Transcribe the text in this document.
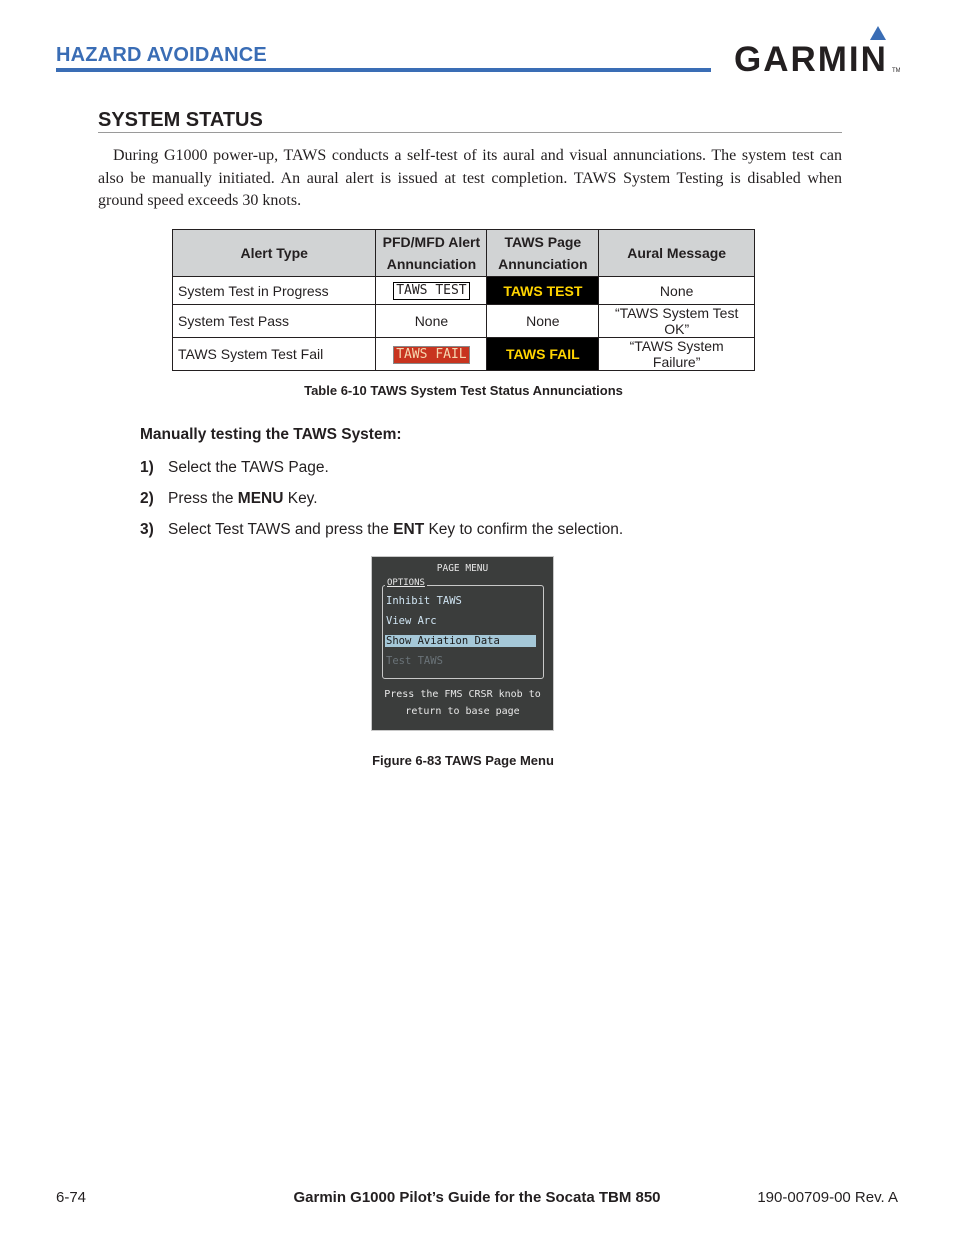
HAZARD AVOIDANCE	GARMIN TM
SYSTEM STATUS
During G1000 power-up, TAWS conducts a self-test of its aural and visual annunciations. The system test can also be manually initiated. An aural alert is issued at test completion. TAWS System Testing is disabled when ground speed exceeds 30 knots.
Alert Type	PFD/MFD Alert Annunciation	TAWS Page Annunciation	Aural Message
System Test in Progress	TAWS TEST	TAWS TEST	None
System Test Pass	None	None	“TAWS System Test OK”
TAWS System Test Fail	TAWS FAIL	TAWS FAIL	“TAWS System Failure”
Table 6-10 TAWS System Test Status Annunciations
Manually testing the TAWS System:
1) Select the TAWS Page.
2) Press the MENU Key.
3) Select Test TAWS and press the ENT Key to confirm the selection.
PAGE MENU
OPTIONS
Inhibit TAWS
View Arc
Show Aviation Data
Test TAWS
Press the FMS CRSR knob to
return to base page
Figure 6-83 TAWS Page Menu
6-74	Garmin G1000 Pilot’s Guide for the Socata TBM 850	190-00709-00 Rev. A
